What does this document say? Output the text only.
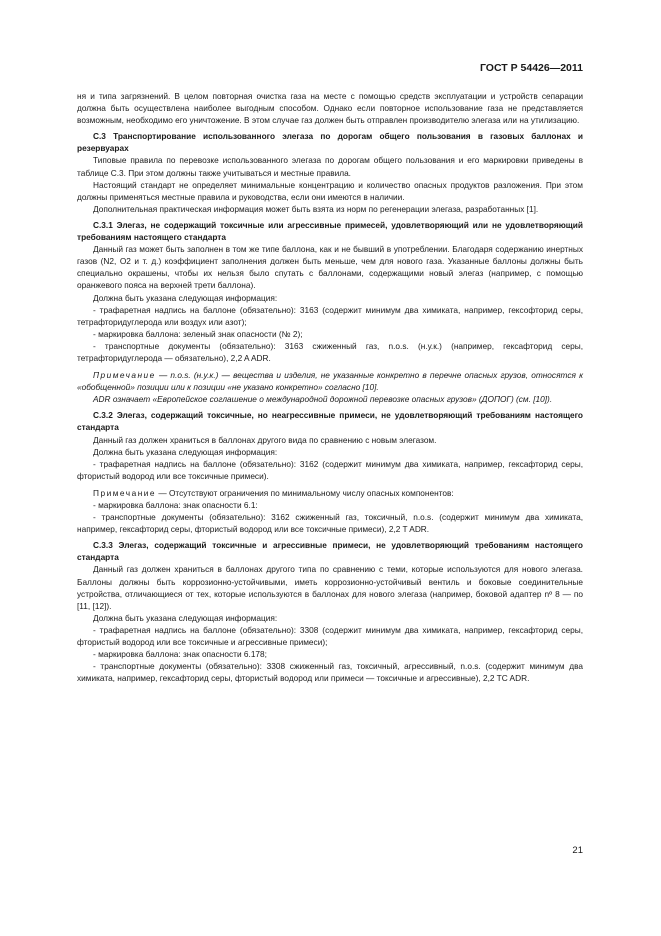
ГОСТ Р 54426—2011

ня и типа загрязнений. В целом повторная очистка газа на месте с помощью средств эксплуатации и устройств сепарации должна быть осуществлена наиболее выгодным способом. Однако если повторное использование газа не представляется возможным, необходимо его уничтожение. В этом случае газ должен быть отправлен производителю элегаза или на утилизацию.

С.3 Транспортирование использованного элегаза по дорогам общего пользования в газовых баллонах и резервуарах

Типовые правила по перевозке использованного элегаза по дорогам общего пользования и его маркировки приведены в таблице С.3. При этом должны также учитываться и местные правила.

Настоящий стандарт не определяет минимальные концентрацию и количество опасных продуктов разложения. При этом должны применяться местные правила и руководства, если они имеются в наличии.

Дополнительная практическая информация может быть взята из норм по регенерации элегаза, разработанных [1].

С.3.1 Элегаз, не содержащий токсичные или агрессивные примесей, удовлетворяющий или не удовлетворяющий требованиям настоящего стандарта

Данный газ может быть заполнен в том же типе баллона, как и не бывший в употреблении. Благодаря содержанию инертных газов (N2, O2 и т. д.) коэффициент заполнения должен быть меньше, чем для нового газа. Указанные баллоны должны быть специально окрашены, чтобы их нельзя было спутать с баллонами, содержащими новый элегаз (например, с помощью оранжевого пояса на верхней трети баллона).

Должна быть указана следующая информация:

- трафаретная надпись на баллоне (обязательно): 3163 (содержит минимум два химиката, например, гексофторид серы, тетрафторидуглерода или воздух или азот);

- маркировка баллона: зеленый знак опасности (№ 2);

- транспортные документы (обязательно): 3163 сжиженный газ, n.o.s. (н.у.к.) (например, гексафторид серы, тетрафторидуглерода — обязательно), 2,2 A ADR.

Примечание — n.o.s. (н.у.к.) — вещества и изделия, не указанные конкретно в перечне опасных грузов, относятся к «обобщенной» позиции или к позиции «не указано конкретно» согласно [10].

ADR означает «Европейское соглашение о международной дорожной перевозке опасных грузов» (ДОПОГ) (см. [10]).

С.3.2 Элегаз, содержащий токсичные, но неагрессивные примеси, не удовлетворяющий требованиям настоящего стандарта

Данный газ должен храниться в баллонах другого вида по сравнению с новым элегазом.

Должна быть указана следующая информация:

- трафаретная надпись на баллоне (обязательно): 3162 (содержит минимум два химиката, например, гексафторид серы, фтористый водород или все токсичные примеси).

Примечание — Отсутствуют ограничения по минимальному числу опасных компонентов:

- маркировка баллона: знак опасности 6.1:

- транспортные документы (обязательно): 3162 сжиженный газ, токсичный, n.o.s. (содержит минимум два химиката, например, гексафторид серы, фтористый водород или все токсичные примеси), 2,2 T ADR.

С.3.3 Элегаз, содержащий токсичные и агрессивные примеси, не удовлетворяющий требованиям настоящего стандарта

Данный газ должен храниться в баллонах другого типа по сравнению с теми, которые используются для нового элегаза. Баллоны должны быть коррозионно-устойчивыми, иметь коррозионно-устойчивый вентиль и боковые соединительные устройства, отличающиеся от тех, которые используются в баллонах для нового элегаза (например, боковой адаптер nº 8 — по [11, [12]).

Должна быть указана следующая информация:

- трафаретная надпись на баллоне (обязательно): 3308 (содержит минимум два химиката, например, гексафторид серы, фтористый водород или все токсичные и агрессивные примеси);

- маркировка баллона: знак опасности 6.178;

- транспортные документы (обязательно): 3308 сжиженный газ, токсичный, агрессивный, n.o.s. (содержит минимум два химиката, например, гексафторид серы, фтористый водород или примеси — токсичные и агрессивные), 2,2 TC ADR.

21
